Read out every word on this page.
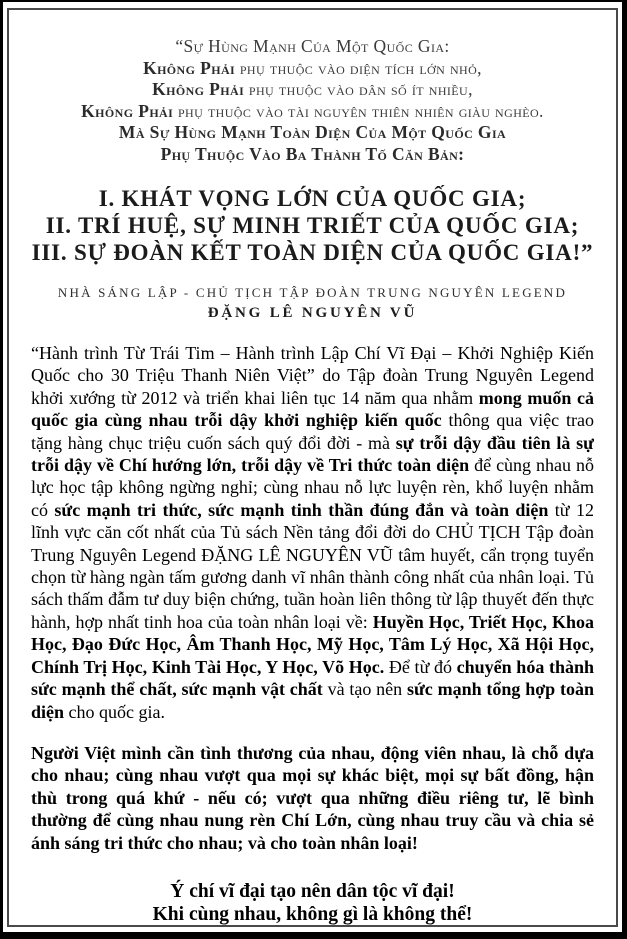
“Sự Hùng Mạnh Của Một Quốc Gia:
Không Phải phụ thuộc vào diện tích lớn nhỏ,
Không Phải phụ thuộc vào dân số ít nhiều,
Không Phải phụ thuộc vào tài nguyên thiên nhiên giàu nghèo.
Mà Sự Hùng Mạnh Toàn Diện Của Một Quốc Gia
Phụ Thuộc Vào Ba Thành Tố Căn Bản:
I. KHÁT VỌNG LỚN CỦA QUỐC GIA;
II. TRÍ HUỆ, SỰ MINH TRIẾT CỦA QUỐC GIA;
III. SỰ ĐOÀN KẾT TOÀN DIỆN CỦA QUỐC GIA!”
NHÀ SÁNG LẬP - CHỦ TỊCH TẬP ĐOÀN TRUNG NGUYÊN LEGEND
ĐẶNG LÊ NGUYÊN VŨ

“Hành trình Từ Trái Tim – Hành trình Lập Chí Vĩ Đại – Khởi Nghiệp Kiến Quốc cho 30 Triệu Thanh Niên Việt” do Tập đoàn Trung Nguyên Legend khởi xướng từ 2012 và triển khai liên tục 14 năm qua nhằm mong muốn cả quốc gia cùng nhau trỗi dậy khởi nghiệp kiến quốc thông qua việc trao tặng hàng chục triệu cuốn sách quý đổi đời - mà sự trỗi dậy đầu tiên là sự trỗi dậy về Chí hướng lớn, trỗi dậy về Tri thức toàn diện để cùng nhau nỗ lực học tập không ngừng nghỉ; cùng nhau nỗ lực luyện rèn, khổ luyện nhằm có sức mạnh tri thức, sức mạnh tinh thần đúng đắn và toàn diện từ 12 lĩnh vực căn cốt nhất của Tủ sách Nền tảng đổi đời do CHỦ TỊCH Tập đoàn Trung Nguyên Legend ĐẶNG LÊ NGUYÊN VŨ tâm huyết, cẩn trọng tuyển chọn từ hàng ngàn tấm gương danh vĩ nhân thành công nhất của nhân loại. Tủ sách thấm đẫm tư duy biện chứng, tuần hoàn liên thông từ lập thuyết đến thực hành, hợp nhất tinh hoa của toàn nhân loại về: Huyền Học, Triết Học, Khoa Học, Đạo Đức Học, Âm Thanh Học, Mỹ Học, Tâm Lý Học, Xã Hội Học, Chính Trị Học, Kinh Tài Học, Y Học, Võ Học. Để từ đó chuyển hóa thành sức mạnh thể chất, sức mạnh vật chất và tạo nên sức mạnh tổng hợp toàn diện cho quốc gia.

Người Việt mình cần tình thương của nhau, động viên nhau, là chỗ dựa cho nhau; cùng nhau vượt qua mọi sự khác biệt, mọi sự bất đồng, hận thù trong quá khứ - nếu có; vượt qua những điều riêng tư, lẽ bình thường để cùng nhau nung rèn Chí Lớn, cùng nhau truy cầu và chia sẻ ánh sáng tri thức cho nhau; và cho toàn nhân loại!

Ý chí vĩ đại tạo nên dân tộc vĩ đại!
Khi cùng nhau, không gì là không thể!
